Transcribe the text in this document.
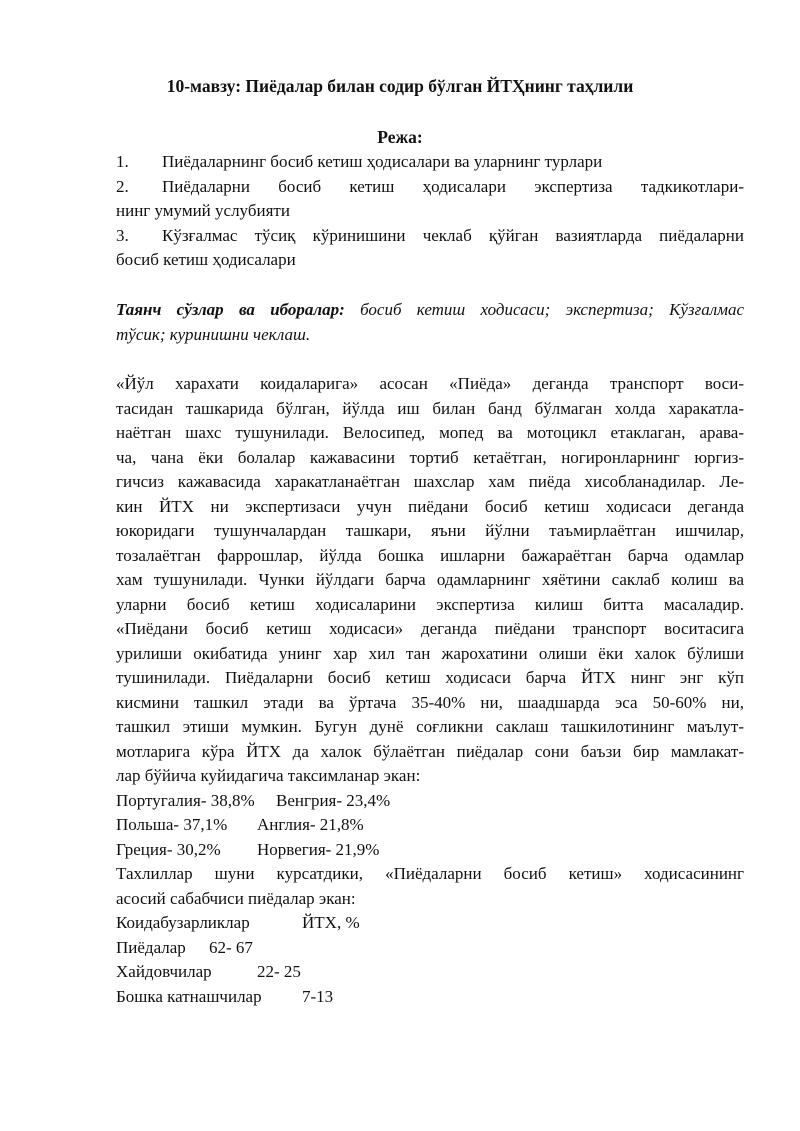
10-мавзу: Пиёдалар билан содир бўлган ЙТҲнинг таҳлили
Режа:
1. Пиёдаларнинг босиб кетиш ҳодисалари ва уларнинг турлари
2. Пиёдаларни босиб кетиш ҳодисалари экспертиза тадкикотлари-
нинг умумий услубияти
3. Кўзғалмас тўсиқ кўринишини чеклаб қўйган вазиятларда пиёдаларни
босиб кетиш ҳодисалари
Таянч сўзлар ва иборалар: босиб кетиш ходисаси; экспертиза; Кўзғалмас
тўсик; куринишни чеклаш.
«Йўл харахати коидаларига» асосан «Пиёда» деганда транспорт воси-
тасидан ташкарида бўлган, йўлда иш билан банд бўлмаган холда харакатла-
наётган шахс тушунилади. Велосипед, мопед ва мотоцикл етаклаган, арава-
ча, чана ёки болалар кажавасини тортиб кетаётган, ногиронларнинг юргиз-
гичсиз кажавасида харакатланаётган шахслар хам пиёда хисобланадилар. Ле-
кин ЙТХ ни экспертизаси учун пиёдани босиб кетиш ходисаси деганда
юкоридаги тушунчалардан ташкари, яъни йўлни таъмирлаётган ишчилар,
тозалаётган фаррошлар, йўлда бошка ишларни бажараётган барча одамлар
хам тушунилади. Чунки йўлдаги барча одамларнинг хяётини саклаб колиш ва
уларни босиб кетиш ходисаларини экспертиза килиш битта масаладир.
«Пиёдани босиб кетиш ходисаси» деганда пиёдани транспорт воситасига
урилиши окибатида унинг хар хил тан жарохатини олиши ёки халок бўлиши
тушинилади. Пиёдаларни босиб кетиш ходисаси барча ЙТХ нинг энг кўп
кисмини ташкил этади ва ўртача 35-40% ни, шаадшарда эса 50-60% ни,
ташкил этиши мумкин. Бугун дунё соғликни саклаш ташкилотининг маълут-
мотларига кўра ЙТХ да халок бўлаётган пиёдалар сони баъзи бир мамлакат-
лар бўйича куйидагича таксимланар экан:
Португалия- 38,8% Венгрия- 23,4%
Польша- 37,1% Англия- 21,8%
Греция- 30,2% Норвегия- 21,9%
Тахлиллар шуни курсатдики, «Пиёдаларни босиб кетиш» ходисасининг
асосий сабабчиси пиёдалар экан:
Коидабузарликлар	ЙТХ, %
Пиёдалар 62- 67
Хайдовчилар	22- 25
Бошка катнашчилар 7-13
